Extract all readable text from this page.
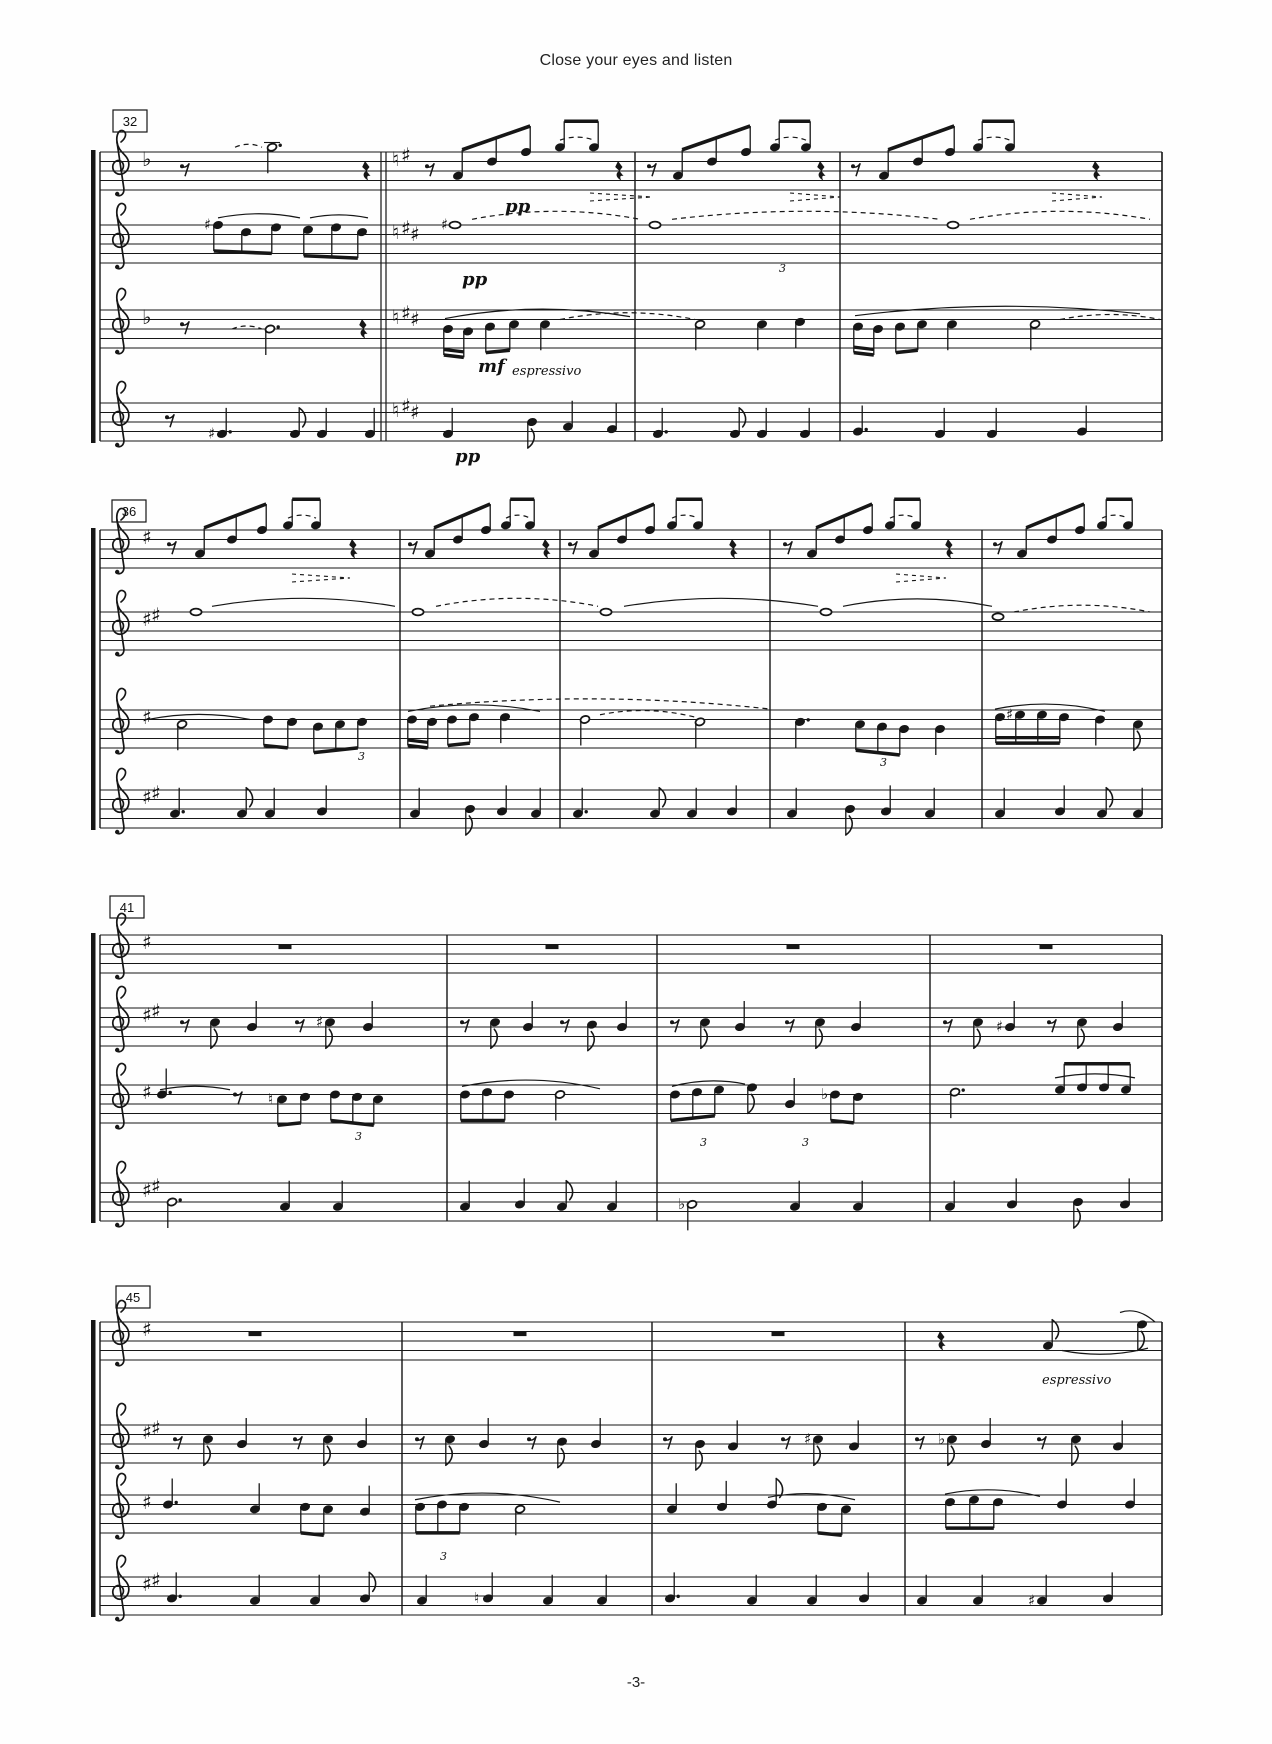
Close your eyes and listen
32
♭	♮ ♯
pp
♯	♮ ♯ ♯ ♯
pp
♭	♮ ♯ ♯
mf espressivo
3
♯
♮ ♯ ♯
pp
36
♯
♯ ♯
♯
3	3
♯
♯ ♯
41
♯
♯ ♯	♯	♯
♯	♮
3	3
♭
3
♯ ♯
♭
45
♯
espressivo
♯ ♯	♯	♭
♯
3
♯ ♯
♮	♯
-3-
